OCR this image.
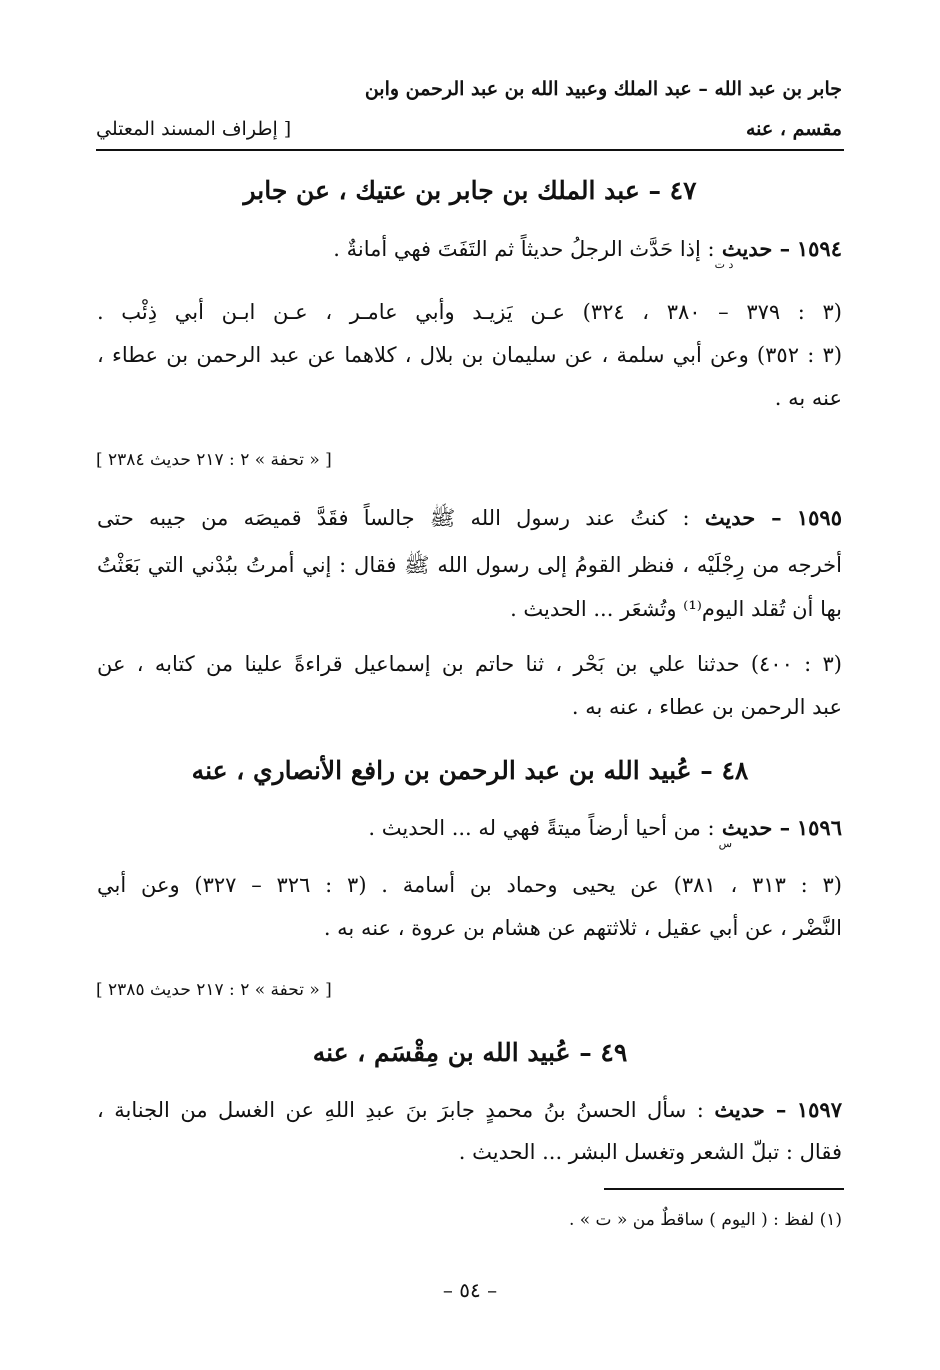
جابر بن عبد الله – عبد الملك وعبيد الله بن عبد الرحمن وابن
مقسم ، عنه
[ إطراف المسند المعتلي
٤٧ – عبد الملك بن جابر بن عتيك ، عن جابر
١٥٩٤ – حديث
د ت
: إذا حَدَّث الرجلُ حديثاً ثم التَفَتَ فهي أمانةٌ .
(٣ : ٣٧٩ – ٣٨٠ ، ٣٢٤) عـن يَزيـد وأبي عامـر ، عـن ابـن أبي ذِئْب .
(٣ : ٣٥٢) وعن أبي سلمة ، عن سليمان بن بلال ، كلاهما عن عبد الرحمن بن عطاء ،
عنه به .
[ « تحفة » ٢ : ٢١٧ حديث ٢٣٨٤ ]
١٥٩٥ – حديث : كنتُ عند رسول الله ﷺ جالساً فقَدَّ قميصَه من جيبه حتى
أخرجه من رِجْلَيْه ، فنظر القومُ إلى رسول الله ﷺ فقال : إني أمرتُ ببُدْني التي بَعَثْتُ
بها أن تُقلد اليوم⁽¹⁾ وتُشعَر ... الحديث .
(٣ : ٤٠٠) حدثنا علي بن بَحْر ، ثنا حاتم بن إسماعيل قراءةً علينا من كتابه ، عن
عبد الرحمن بن عطاء ، عنه به .
٤٨ – عُبيد الله بن عبد الرحمن بن رافع الأنصاري ، عنه
١٥٩٦ – حديث
س
: من أحيا أرضاً ميتةً فهي له ... الحديث .
(٣ : ٣١٣ ، ٣٨١) عن يحيى وحماد بن أسامة . (٣ : ٣٢٦ – ٣٢٧) وعن أبي
النَّضْر ، عن أبي عقيل ، ثلاثتهم عن هشام بن عروة ، عنه به .
[ « تحفة » ٢ : ٢١٧ حديث ٢٣٨٥ ]
٤٩ – عُبيد الله بن مِقْسَم ، عنه
١٥٩٧ – حديث : سأل الحسنُ بنُ محمدٍ جابرَ بنَ عبدِ اللهِ عن الغسل من الجنابة ،
فقال : تبلّ الشعر وتغسل البشر ... الحديث .
(١) لفظ : ( اليوم ) ساقطٌ من « ت » .
– ٥٤ –
